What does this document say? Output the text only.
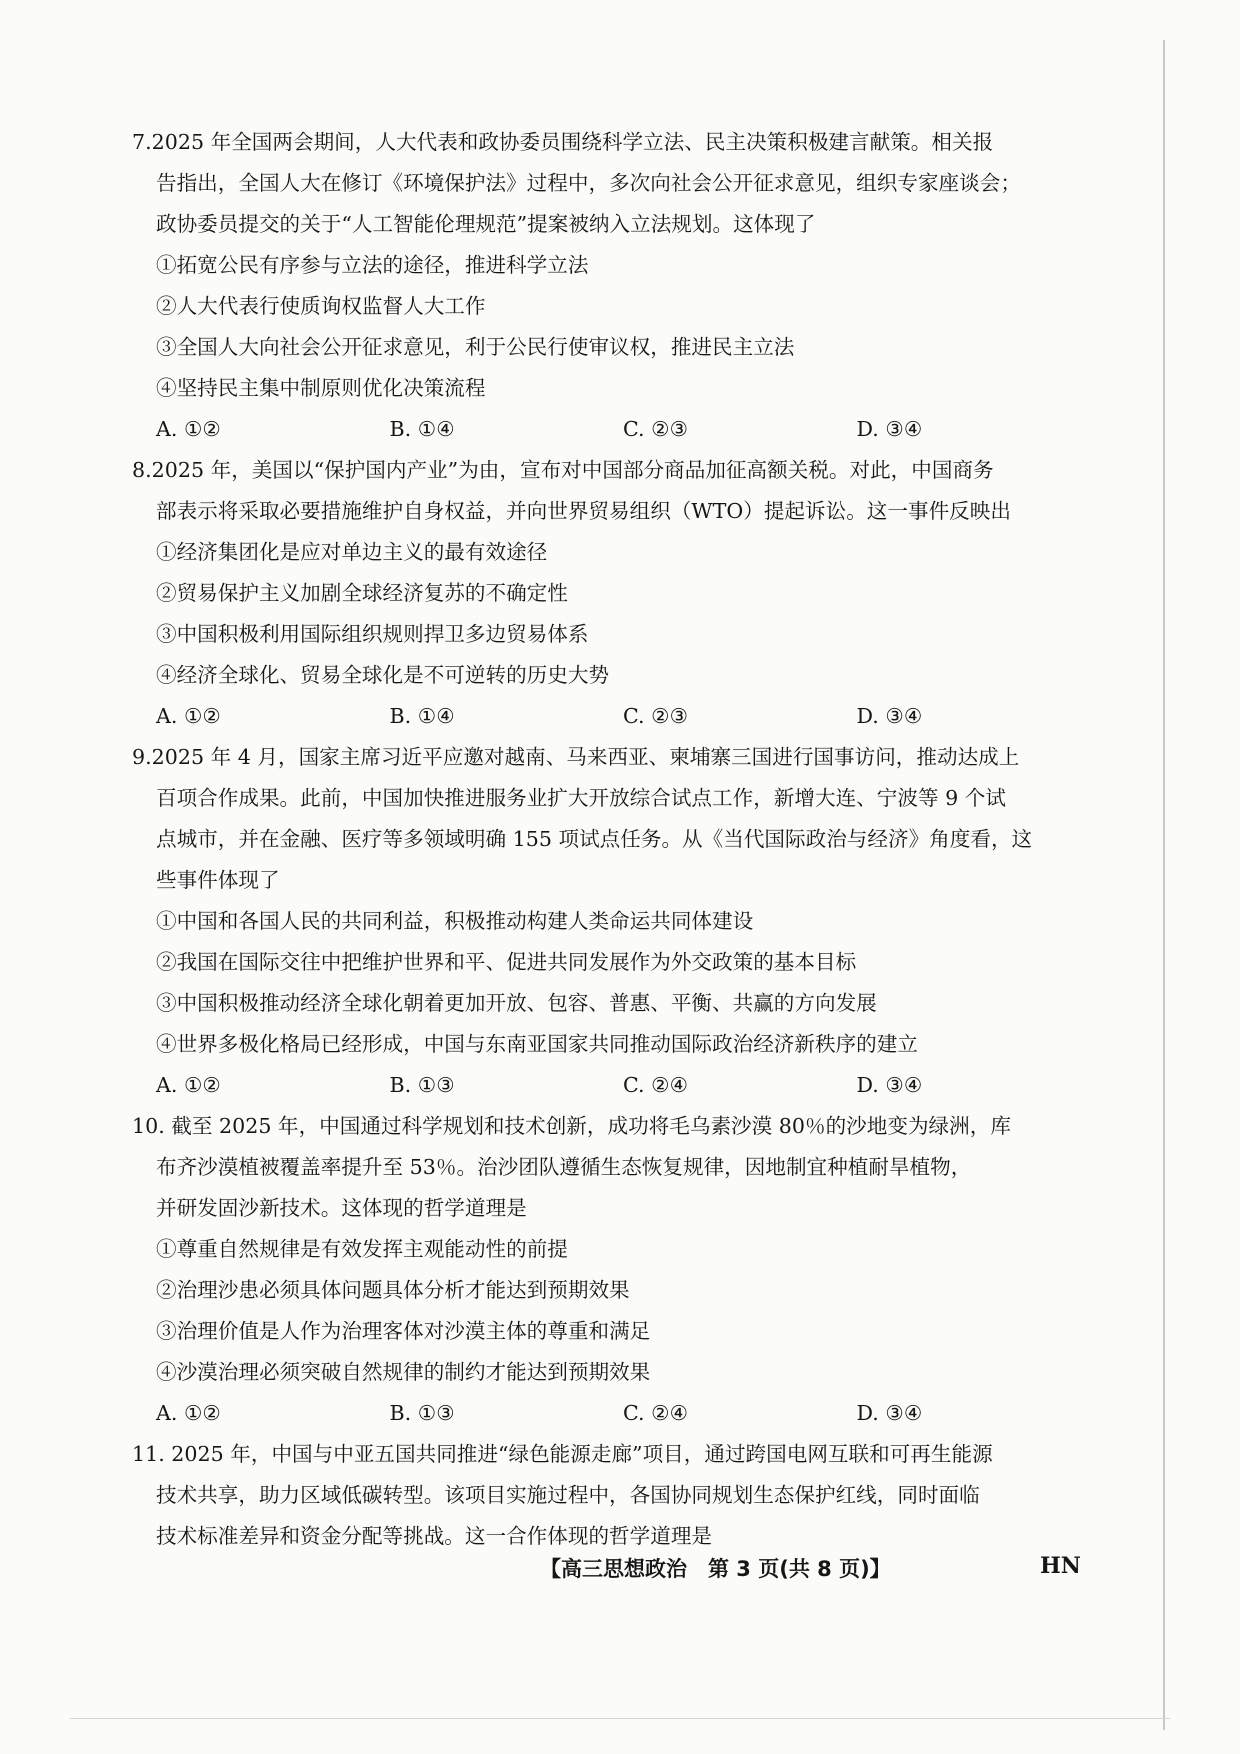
7.2025 年全国两会期间，人大代表和政协委员围绕科学立法、民主决策积极建言献策。相关报
告指出，全国人大在修订《环境保护法》过程中，多次向社会公开征求意见，组织专家座谈会；
政协委员提交的关于“人工智能伦理规范”提案被纳入立法规划。这体现了
①拓宽公民有序参与立法的途径，推进科学立法
②人大代表行使质询权监督人大工作
③全国人大向社会公开征求意见，利于公民行使审议权，推进民主立法
④坚持民主集中制原则优化决策流程
A. ①②	B. ①④	C. ②③	D. ③④
8.2025 年，美国以“保护国内产业”为由，宣布对中国部分商品加征高额关税。对此，中国商务
部表示将采取必要措施维护自身权益，并向世界贸易组织（WTO）提起诉讼。这一事件反映出
①经济集团化是应对单边主义的最有效途径
②贸易保护主义加剧全球经济复苏的不确定性
③中国积极利用国际组织规则捍卫多边贸易体系
④经济全球化、贸易全球化是不可逆转的历史大势
A. ①②	B. ①④	C. ②③	D. ③④
9.2025 年 4 月，国家主席习近平应邀对越南、马来西亚、柬埔寨三国进行国事访问，推动达成上
百项合作成果。此前，中国加快推进服务业扩大开放综合试点工作，新增大连、宁波等 9 个试
点城市，并在金融、医疗等多领域明确 155 项试点任务。从《当代国际政治与经济》角度看，这
些事件体现了
①中国和各国人民的共同利益，积极推动构建人类命运共同体建设
②我国在国际交往中把维护世界和平、促进共同发展作为外交政策的基本目标
③中国积极推动经济全球化朝着更加开放、包容、普惠、平衡、共赢的方向发展
④世界多极化格局已经形成，中国与东南亚国家共同推动国际政治经济新秩序的建立
A. ①②	B. ①③	C. ②④	D. ③④
10. 截至 2025 年，中国通过科学规划和技术创新，成功将毛乌素沙漠 80％的沙地变为绿洲，库
布齐沙漠植被覆盖率提升至 53％。治沙团队遵循生态恢复规律，因地制宜种植耐旱植物，
并研发固沙新技术。这体现的哲学道理是
①尊重自然规律是有效发挥主观能动性的前提
②治理沙患必须具体问题具体分析才能达到预期效果
③治理价值是人作为治理客体对沙漠主体的尊重和满足
④沙漠治理必须突破自然规律的制约才能达到预期效果
A. ①②	B. ①③	C. ②④	D. ③④
11. 2025 年，中国与中亚五国共同推进“绿色能源走廊”项目，通过跨国电网互联和可再生能源
技术共享，助力区域低碳转型。该项目实施过程中，各国协同规划生态保护红线，同时面临
技术标准差异和资金分配等挑战。这一合作体现的哲学道理是
【高三思想政治　第 3 页(共 8 页)】	HN
